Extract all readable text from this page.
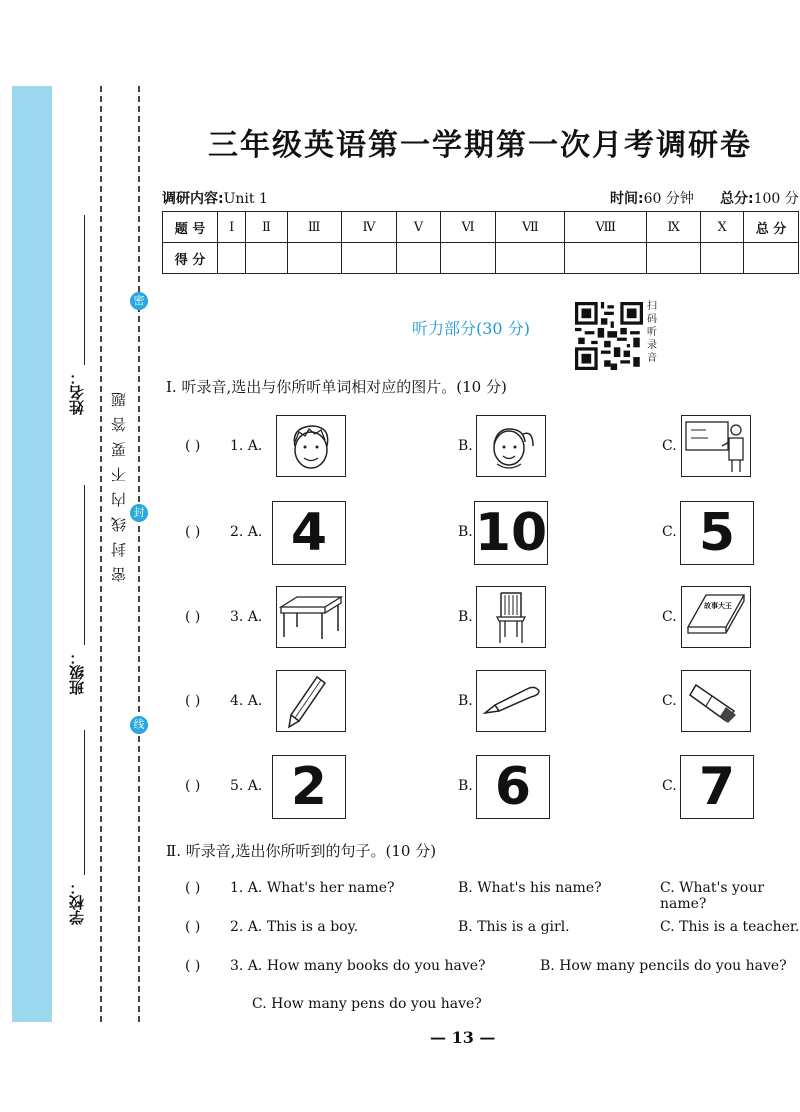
密
封
线
姓名：
班级：
学校：
密封线内不要答题
三年级英语第一学期第一次月考调研卷
调研内容:Unit 1	时间:60 分钟 总分:100 分
题 号	Ⅰ	Ⅱ	Ⅲ	Ⅳ	Ⅴ	Ⅵ	Ⅶ	Ⅷ	Ⅸ	Ⅹ	总 分
得 分											
听力部分(30 分)
扫码听录音
Ⅰ. 听录音,选出与你所听单词相对应的图片。(10 分)
( ) 1. A.	B.	C.
( ) 2. A. 4	B. 10	C. 5
( ) 3. A.	B.	C.
故事大王
( ) 4. A.	B.	C.
( ) 5. A. 2	B. 6	C. 7
Ⅱ. 听录音,选出你所听到的句子。(10 分)
( ) 1. A. What's her name?	B. What's his name?	C. What's your name?
( ) 2. A. This is a boy.	B. This is a girl.	C. This is a teacher.
( ) 3. A. How many books do you have?	B. How many pencils do you have?
C. How many pens do you have?
— 13 —
